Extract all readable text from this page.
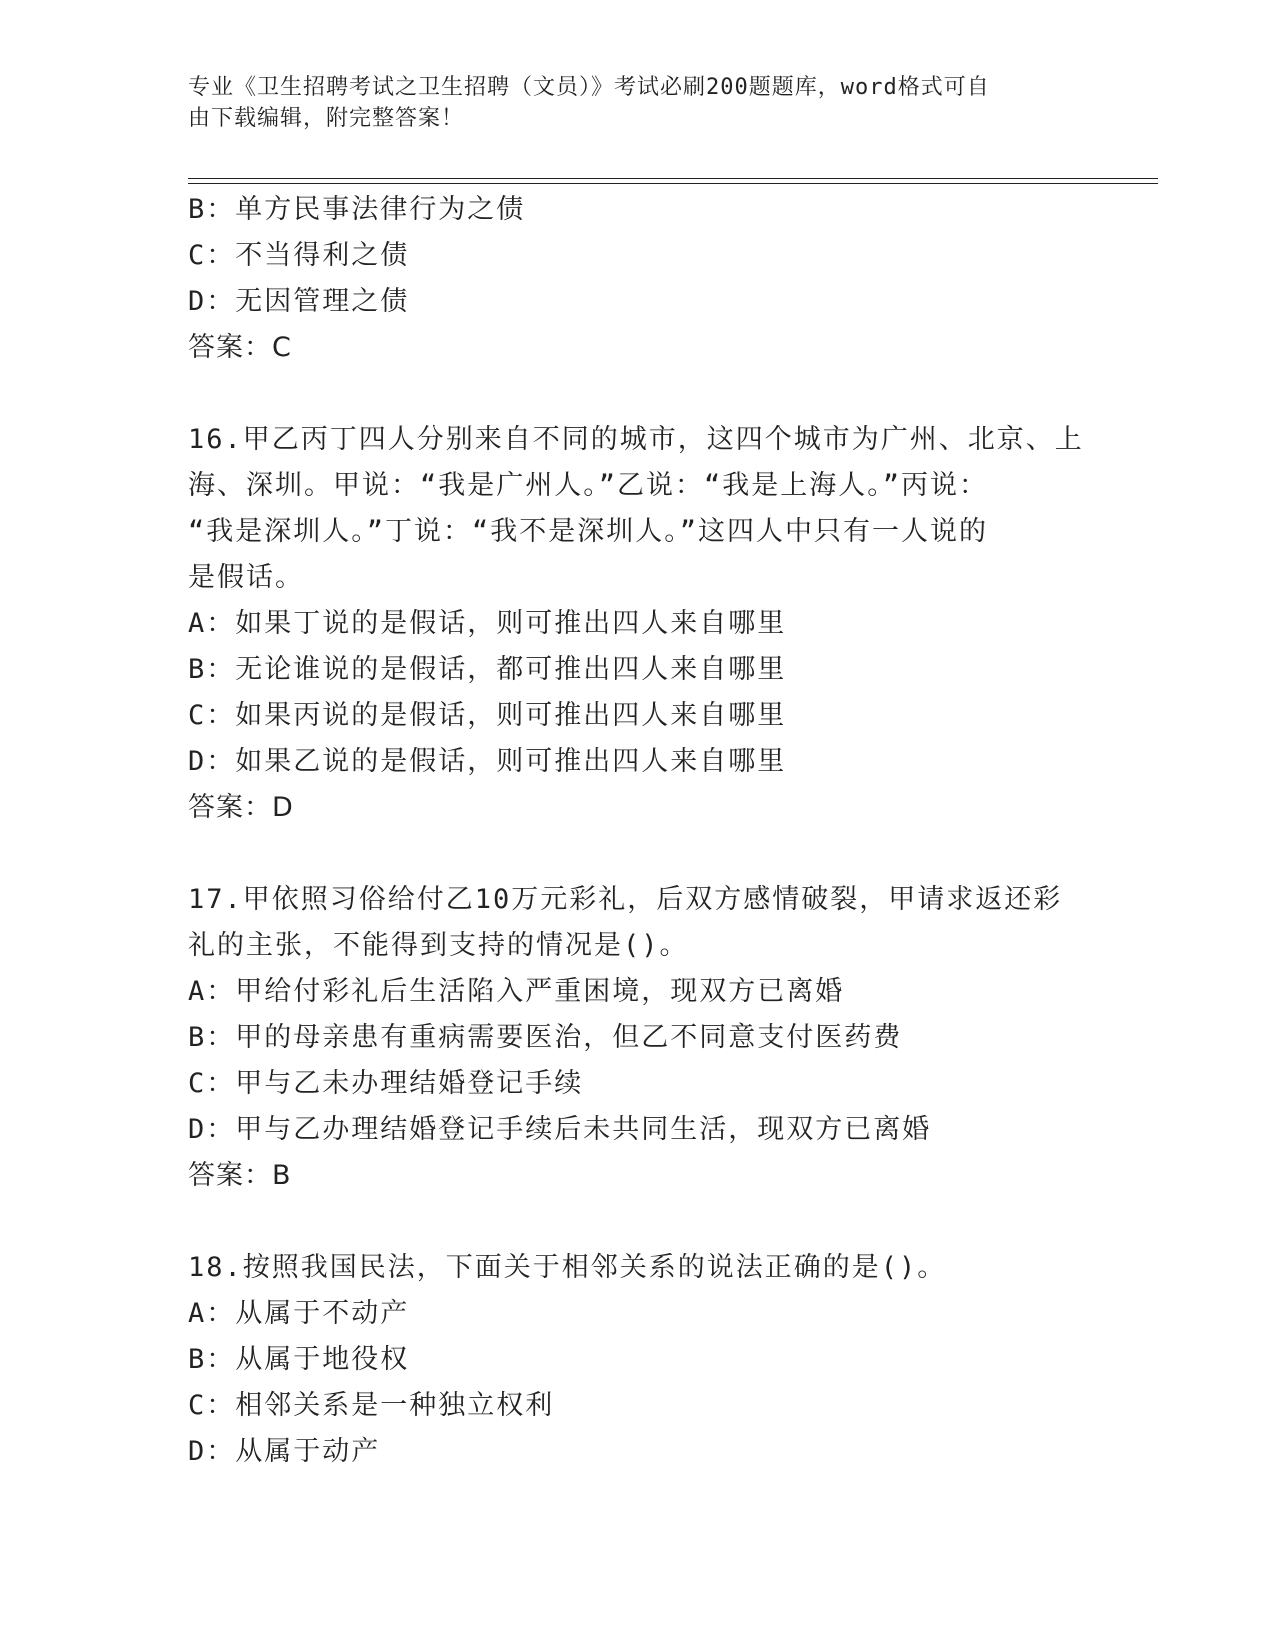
专业《卫生招聘考试之卫生招聘（文员）》考试必刷200题题库，word格式可自
由下载编辑，附完整答案！
B：单方民事法律行为之债
C：不当得利之债
D：无因管理之债
答案：C
16.甲乙丙丁四人分别来自不同的城市，这四个城市为广州、北京、上
海、深圳。甲说：“我是广州人。”乙说：“我是上海人。”丙说：
“我是深圳人。”丁说：“我不是深圳人。”这四人中只有一人说的
是假话。
A：如果丁说的是假话，则可推出四人来自哪里
B：无论谁说的是假话，都可推出四人来自哪里
C：如果丙说的是假话，则可推出四人来自哪里
D：如果乙说的是假话，则可推出四人来自哪里
答案：D
17.甲依照习俗给付乙10万元彩礼，后双方感情破裂，甲请求返还彩
礼的主张，不能得到支持的情况是()。
A：甲给付彩礼后生活陷入严重困境，现双方已离婚
B：甲的母亲患有重病需要医治，但乙不同意支付医药费
C：甲与乙未办理结婚登记手续
D：甲与乙办理结婚登记手续后未共同生活，现双方已离婚
答案：B
18.按照我国民法，下面关于相邻关系的说法正确的是()。
A：从属于不动产
B：从属于地役权
C：相邻关系是一种独立权利
D：从属于动产
